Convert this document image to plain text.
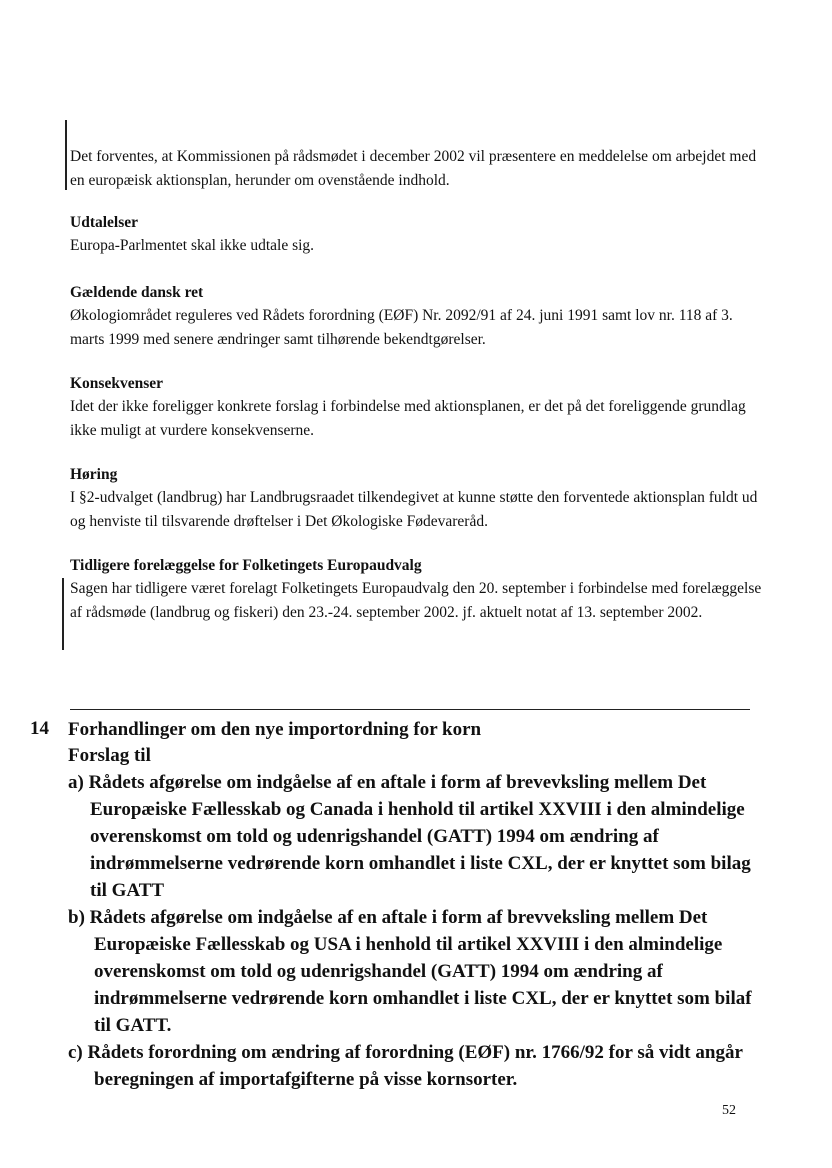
Det forventes, at Kommissionen på rådsmødet i december 2002 vil præsentere en meddelelse om arbejdet med en europæisk aktionsplan, herunder om ovenstående indhold.

Udtalelser

Europa-Parlmentet skal ikke udtale sig.

Gældende dansk ret

Økologiområdet reguleres ved Rådets forordning (EØF) Nr. 2092/91 af 24. juni 1991 samt lov nr. 118 af 3. marts 1999 med senere ændringer samt tilhørende bekendtgørelser.

Konsekvenser

Idet der ikke foreligger konkrete forslag i forbindelse med aktionsplanen, er det på det foreliggende grundlag ikke muligt at vurdere konsekvenserne.

Høring

I §2-udvalget (landbrug) har Landbrugsraadet tilkendegivet at kunne støtte den forventede aktionsplan fuldt ud og henviste til tilsvarende drøftelser i Det Økologiske Fødevareråd.

Tidligere forelæggelse for Folketingets Europaudvalg

Sagen har tidligere været forelagt Folketingets Europaudvalg den 20. september i forbindelse med forelæggelse af rådsmøde (landbrug og fiskeri) den 23.-24. september 2002. jf. aktuelt notat af 13. september 2002.

14 Forhandlinger om den nye importordning for korn

Forslag til

a) Rådets afgørelse om indgåelse af en aftale i form af brevevksling mellem Det Europæiske Fællesskab og Canada i henhold til artikel XXVIII i den almindelige overenskomst om told og udenrigshandel (GATT) 1994 om ændring af indrømmelserne vedrørende korn omhandlet i liste CXL, der er knyttet som bilag til GATT
b) Rådets afgørelse om indgåelse af en aftale i form af brevveksling mellem Det Europæiske Fællesskab og USA i henhold til artikel XXVIII i den almindelige overenskomst om told og udenrigshandel (GATT) 1994 om ændring af indrømmelserne vedrørende korn omhandlet i liste CXL, der er knyttet som bilaf til GATT.
c) Rådets forordning om ændring af forordning (EØF) nr. 1766/92 for så vidt angår beregningen af importafgifterne på visse kornsorter.
52
